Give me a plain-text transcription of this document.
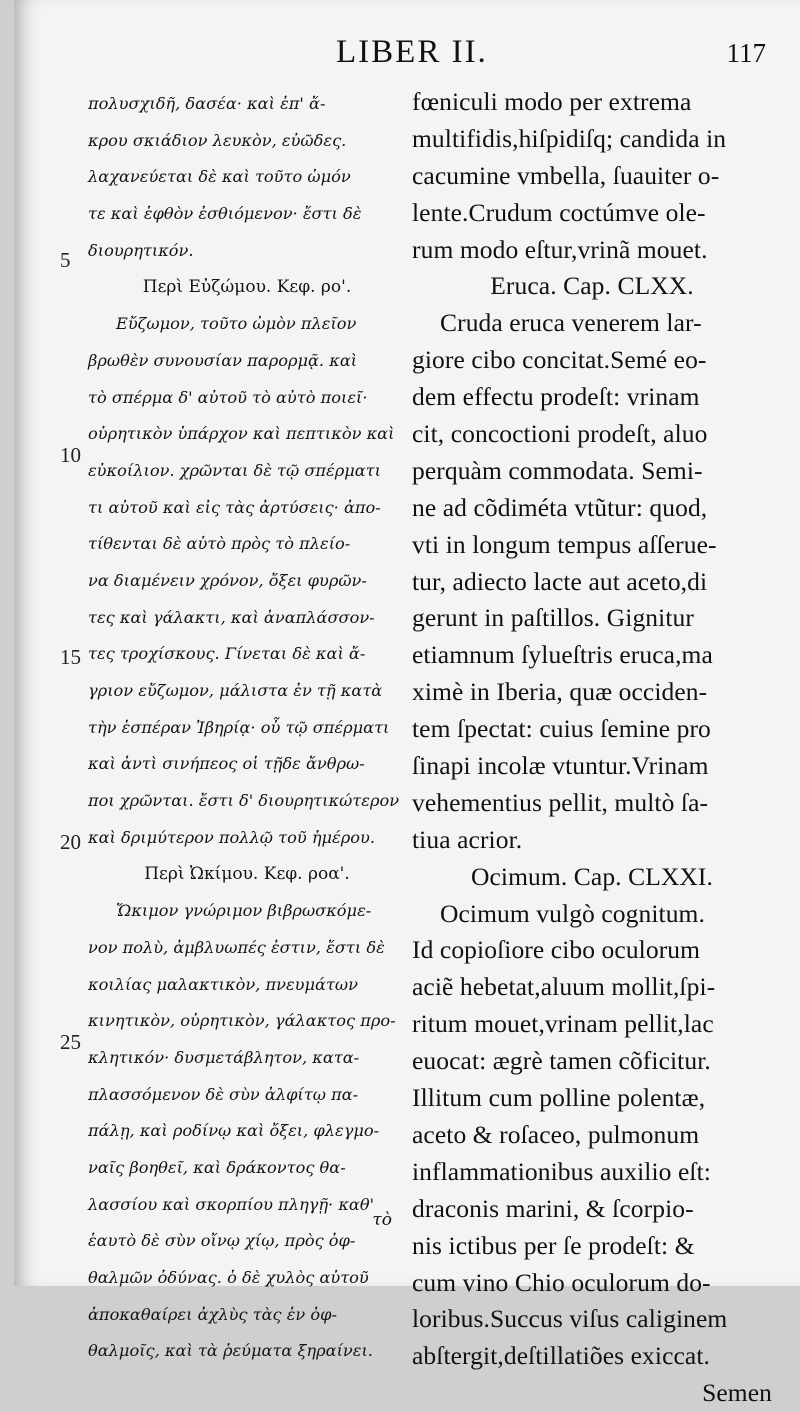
LIBER II.	117
5
10
15
20
25
πολυσχιδῆ, δασέα· καὶ ἐπ' ἄ-
κρου σκιάδιον λευκὸν, εὐῶδες.
λαχανεύεται δὲ καὶ τοῦτο ὠμόν
τε καὶ ἑφθὸν ἐσθιόμενον· ἔστι δὲ
διουρητικόν.
Περὶ Εὐζώμου. Κεφ. ρο'.
Εὔζωμον, τοῦτο ὠμὸν πλεῖον
βρωθὲν συνουσίαν παρορμᾷ. καὶ
τὸ σπέρμα δ' αὐτοῦ τὸ αὐτὸ ποιεῖ·
οὐρητικὸν ὑπάρχον καὶ πεπτικὸν καὶ
εὐκοίλιον. χρῶνται δὲ τῷ σπέρματι
τι αὐτοῦ καὶ εἰς τὰς ἀρτύσεις· ἀπο-
τίθενται δὲ αὐτὸ πρὸς τὸ πλείο-
να διαμένειν χρόνον, ὄξει φυρῶν-
τες καὶ γάλακτι, καὶ ἀναπλάσσον-
τες τροχίσκους. Γίνεται δὲ καὶ ἄ-
γριον εὔζωμον, μάλιστα ἐν τῇ κατὰ
τὴν ἑσπέραν Ἰβηρίᾳ· οὗ τῷ σπέρματι
καὶ ἀντὶ σινήπεος οἱ τῇδε ἄνθρω-
ποι χρῶνται. ἔστι δ' διουρητικώτερον
καὶ δριμύτερον πολλῷ τοῦ ἡμέρου.
Περὶ Ὠκίμου. Κεφ. ροα'.
Ὤκιμον γνώριμον βιβρωσκόμε-
νον πολὺ, ἀμβλυωπές ἐστιν, ἔστι δὲ
κοιλίας μαλακτικὸν, πνευμάτων
κινητικὸν, οὐρητικὸν, γάλακτος προ-
κλητικόν· δυσμετάβλητον, κατα-
πλασσόμενον δὲ σὺν ἀλφίτῳ πα-
πάλῃ, καὶ ροδίνῳ καὶ ὄξει, φλεγμο-
ναῖς βοηθεῖ, καὶ δράκοντος θα-
λασσίου καὶ σκορπίου πληγῇ· καθ'
ἑαυτὸ δὲ σὺν οἴνῳ χίῳ, πρὸς ὀφ-
θαλμῶν ὀδύνας. ὁ δὲ χυλὸς αὐτοῦ
ἀποκαθαίρει ἀχλὺς τὰς ἐν ὀφ-
θαλμοῖς, καὶ τὰ ῥεύματα ξηραίνει.
fœniculi modo per extrema
multifidis,hiſpidiſq; candida in
cacumine vmbella, ſuauiter o-
lente.Crudum coctúmve ole-
rum modo eſtur,vrinã mouet.
Eruca. Cap. CLXX.
Cruda eruca venerem lar-
giore cibo concitat.Semé eo-
dem effectu prodeſt: vrinam
cit, concoctioni prodeſt, aluo
perquàm commodata. Semi-
ne ad cõdiméta vtũtur: quod,
vti in longum tempus aſſerue-
tur, adiecto lacte aut aceto,di
gerunt in paſtillos. Gignitur
etiamnum ſylueſtris eruca,ma
ximè in Iberia, quæ occiden-
tem ſpectat: cuius ſemine pro
ſinapi incolæ vtuntur.Vrinam
vehementius pellit, multò ſa-
tiua acrior.
Ocimum. Cap. CLXXI.
Ocimum vulgò cognitum.
Id copioſiore cibo oculorum
aciẽ hebetat,aluum mollit,ſpi-
ritum mouet,vrinam pellit,lac
euocat: ægrè tamen cõficitur.
Illitum cum polline polentæ,
aceto & roſaceo, pulmonum
inflammationibus auxilio eſt:
draconis marini, & ſcorpio-
nis ictibus per ſe prodeſt: &
cum vino Chio oculorum do-
loribus.Succus viſus caliginem
abſtergit,deſtillatiões exiccat.
Semen
τὸ
